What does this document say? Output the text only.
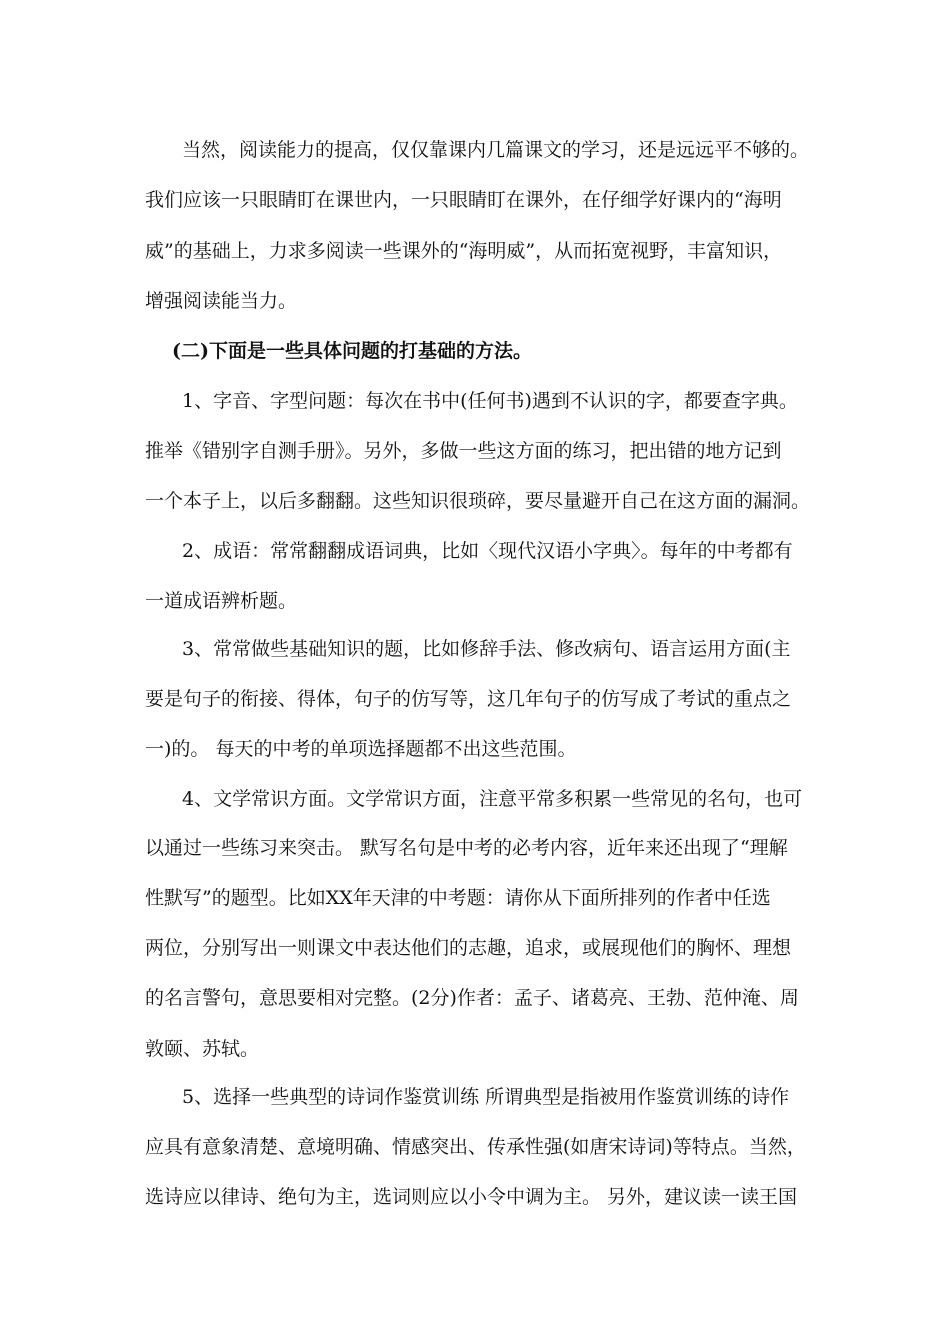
当然，阅读能力的提高，仅仅靠课内几篇课文的学习，还是远远平不够的。
我们应该一只眼睛盯在课世内，一只眼睛盯在课外，在仔细学好课内的“海明
威”的基础上，力求多阅读一些课外的“海明威”，从而拓宽视野，丰富知识，
增强阅读能当力。
(二)下面是一些具体问题的打基础的方法。
1、字音、字型问题：每次在书中(任何书)遇到不认识的字，都要查字典。
推举《错别字自测手册》。另外，多做一些这方面的练习，把出错的地方记到
一个本子上，以后多翻翻。这些知识很琐碎，要尽量避开自己在这方面的漏洞。
2、成语：常常翻翻成语词典，比如〈现代汉语小字典〉。每年的中考都有
一道成语辨析题。
3、常常做些基础知识的题，比如修辞手法、修改病句、语言运用方面(主
要是句子的衔接、得体，句子的仿写等，这几年句子的仿写成了考试的重点之
一)的。 每天的中考的单项选择题都不出这些范围。
4、文学常识方面。文学常识方面，注意平常多积累一些常见的名句，也可
以通过一些练习来突击。 默写名句是中考的必考内容，近年来还出现了“理解
性默写”的题型。比如XX年天津的中考题：请你从下面所排列的作者中任选
两位，分别写出一则课文中表达他们的志趣，追求，或展现他们的胸怀、理想
的名言警句，意思要相对完整。(2分)作者：孟子、诸葛亮、王勃、范仲淹、周
敦颐、苏轼。
5、选择一些典型的诗词作鉴赏训练 所谓典型是指被用作鉴赏训练的诗作
应具有意象清楚、意境明确、情感突出、传承性强(如唐宋诗词)等特点。当然，
选诗应以律诗、绝句为主，选词则应以小令中调为主。 另外，建议读一读王国
